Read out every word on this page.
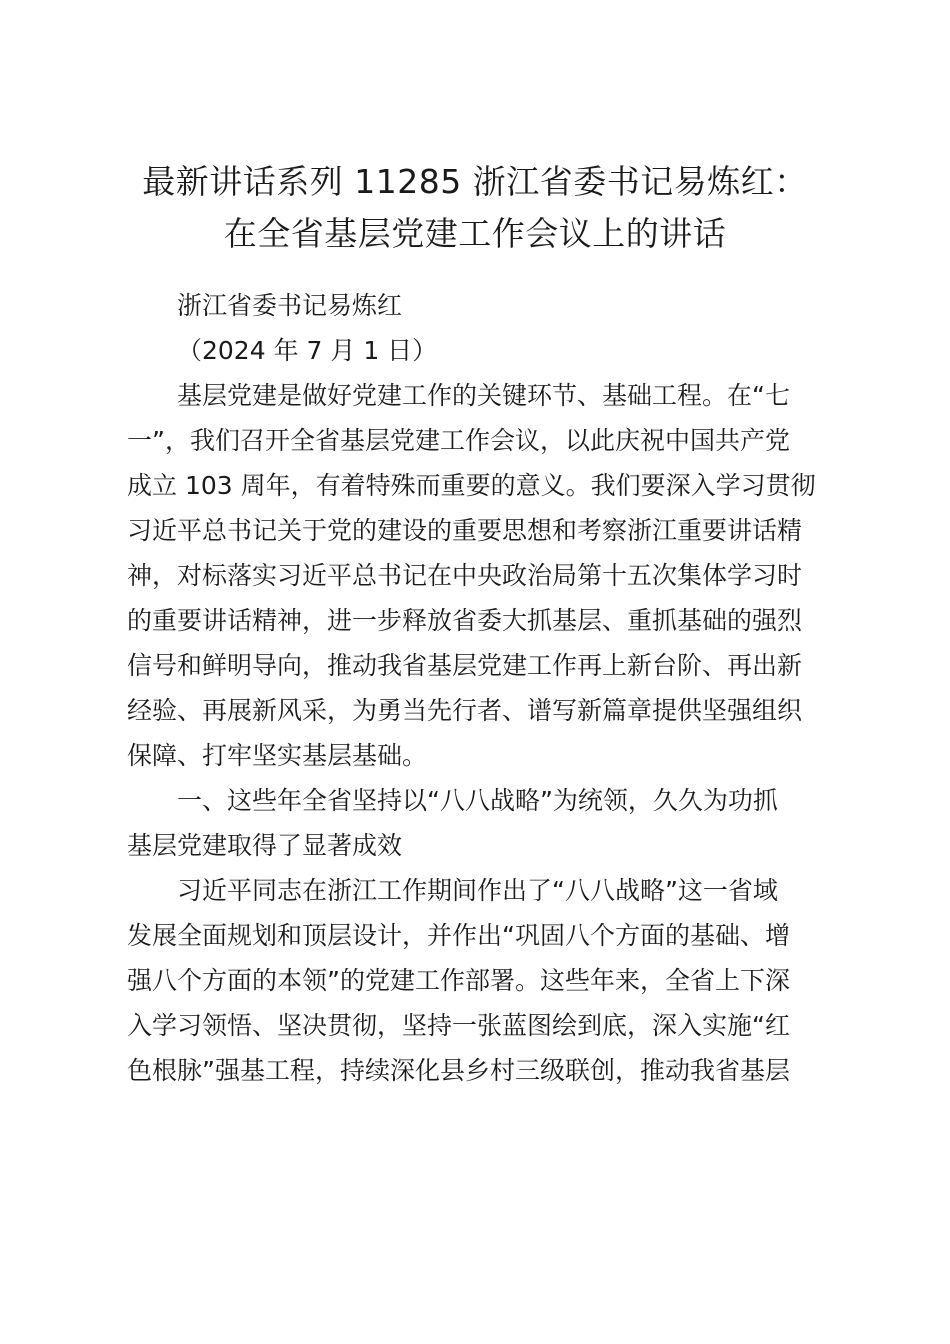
最新讲话系列 11285 浙江省委书记易炼红：
在全省基层党建工作会议上的讲话
浙江省委书记易炼红
（2024 年 7 月 1 日）
基层党建是做好党建工作的关键环节、基础工程。在“七
一”，我们召开全省基层党建工作会议，以此庆祝中国共产党
成立 103 周年，有着特殊而重要的意义。我们要深入学习贯彻
习近平总书记关于党的建设的重要思想和考察浙江重要讲话精
神，对标落实习近平总书记在中央政治局第十五次集体学习时
的重要讲话精神，进一步释放省委大抓基层、重抓基础的强烈
信号和鲜明导向，推动我省基层党建工作再上新台阶、再出新
经验、再展新风采，为勇当先行者、谱写新篇章提供坚强组织
保障、打牢坚实基层基础。
一、这些年全省坚持以“八八战略”为统领，久久为功抓
基层党建取得了显著成效
习近平同志在浙江工作期间作出了“八八战略”这一省域
发展全面规划和顶层设计，并作出“巩固八个方面的基础、增
强八个方面的本领”的党建工作部署。这些年来，全省上下深
入学习领悟、坚决贯彻，坚持一张蓝图绘到底，深入实施“红
色根脉”强基工程，持续深化县乡村三级联创，推动我省基层
